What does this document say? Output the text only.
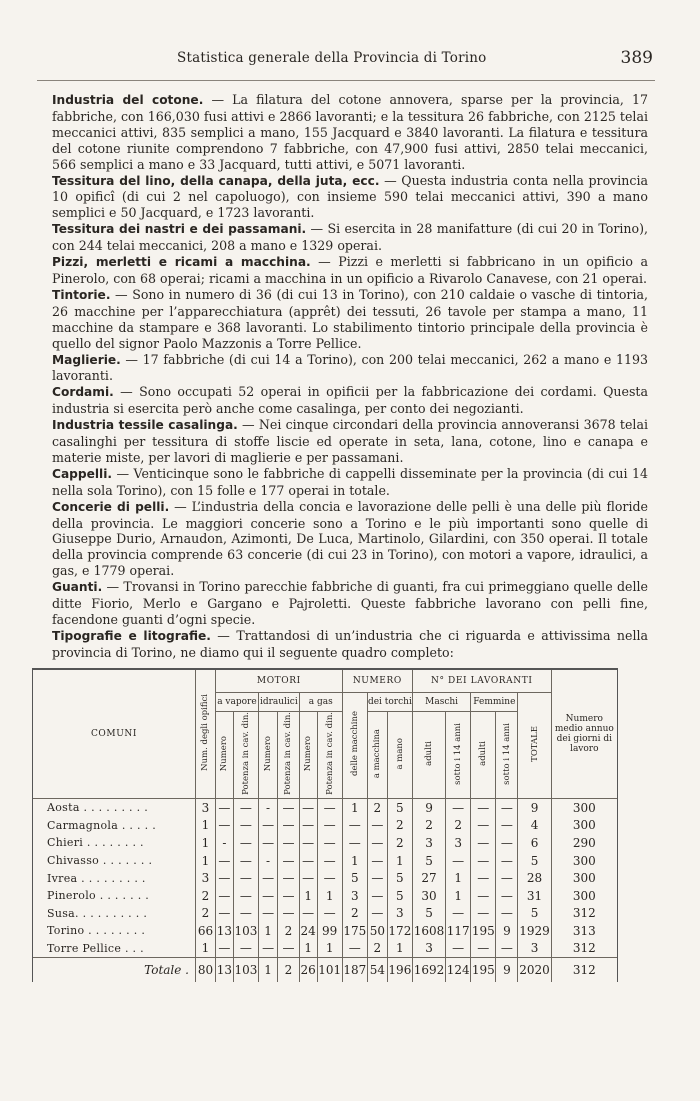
Statistica generale della Provincia di Torino	389

Industria del cotone. — La filatura del cotone annovera, sparse per la provincia, 17 fabbriche, con 166,030 fusi attivi e 2866 lavoranti; e la tessitura 26 fabbriche, con 2125 telai meccanici attivi, 835 semplici a mano, 155 Jacquard e 3840 lavoranti. La filatura e tessitura del cotone riunite comprendono 7 fabbriche, con 47,900 fusi attivi, 2850 telai meccanici, 566 semplici a mano e 33 Jacquard, tutti attivi, e 5071 lavoranti.

Tessitura del lino, della canapa, della juta, ecc. — Questa industria conta nella provincia 10 opificî (di cui 2 nel capoluogo), con insieme 590 telai meccanici attivi, 390 a mano semplici e 50 Jacquard, e 1723 lavoranti.

Tessitura dei nastri e dei passamani. — Si esercita in 28 manifatture (di cui 20 in Torino), con 244 telai meccanici, 208 a mano e 1329 operai.

Pizzi, merletti e ricami a macchina. — Pizzi e merletti si fabbricano in un opificio a Pinerolo, con 68 operai; ricami a macchina in un opificio a Rivarolo Canavese, con 21 operai.

Tintorie. — Sono in numero di 36 (di cui 13 in Torino), con 210 caldaie o vasche di tintoria, 26 macchine per l’apparecchiatura (apprêt) dei tessuti, 26 tavole per stampa a mano, 11 macchine da stampare e 368 lavoranti. Lo stabilimento tintorio principale della provincia è quello del signor Paolo Mazzonis a Torre Pellice.

Maglierie. — 17 fabbriche (di cui 14 a Torino), con 200 telai meccanici, 262 a mano e 1193 lavoranti.

Cordami. — Sono occupati 52 operai in opificii per la fabbricazione dei cordami. Questa industria si esercita però anche come casalinga, per conto dei negozianti.

Industria tessile casalinga. — Nei cinque circondari della provincia annoveransi 3678 telai casalinghi per tessitura di stoffe liscie ed operate in seta, lana, cotone, lino e canapa e materie miste, per lavori di maglierie e per passamani.

Cappelli. — Venticinque sono le fabbriche di cappelli disseminate per la provincia (di cui 14 nella sola Torino), con 15 folle e 177 operai in totale.

Concerie di pelli. — L’industria della concia e lavorazione delle pelli è una delle più floride della provincia. Le maggiori concerie sono a Torino e le più importanti sono quelle di Giuseppe Durio, Arnaudon, Azimonti, De Luca, Martinolo, Gilardini, con 350 operai. Il totale della provincia comprende 63 concerie (di cui 23 in Torino), con motori a vapore, idraulici, a gas, e 1779 operai.

Guanti. — Trovansi in Torino parecchie fabbriche di guanti, fra cui primeggiano quelle delle ditte Fiorio, Merlo e Gargano e Pajroletti. Queste fabbriche lavorano con pelli fine, facendone guanti d’ogni specie.

Tipografie e litografie. — Trattandosi di un’industria che ci riguarda e attivissima nella provincia di Torino, ne diamo qui il seguente quadro completo:

COMUNI	Num. degli opifici	MOTORI						NUMERO			N° DEI LAVORANTI					Numero medio annuo dei giorni di lavoro
		a vapore		idraulici		a gas		delle macchine	dei torchi		Maschi		Femmine		TOTALE	
		Numero	Potenza in cav. din.	Numero	Potenza in cav. din.	Numero	Potenza in cav. din.		a macchina	a mano	adulti	sotto i 14 anni	adulti	sotto i 14 anni		
Aosta . . . . . . . . .	3	—	—	-	—	—	—	1	2	5	9	—	—	—	9	300
Carmagnola . . . . .	1	—	—	—	—	—	—	—	—	2	2	2	—	—	4	300
Chieri . . . . . . . .	1	-	—	—	—	—	—	—	—	2	3	3	—	—	6	290
Chivasso . . . . . . .	1	—	—	-	—	—	—	1	—	1	5	—	—	—	5	300
Ivrea . . . . . . . . .	3	—	—	—	—	—	—	5	—	5	27	1	—	—	28	300
Pinerolo . . . . . . .	2	—	—	—	—	1	1	3	—	5	30	1	—	—	31	300
Susa. . . . . . . . . .	2	—	—	—	—	—	—	2	—	3	5	—	—	—	5	312
Torino . . . . . . . .	66	13	103	1	2	24	99	175	50	172	1608	117	195	9	1929	313
Torre Pellice . . .	1	—	—	—	—	1	1	—	2	1	3	—	—	—	3	312
Totale .	80	13	103	1	2	26	101	187	54	196	1692	124	195	9	2020	312
